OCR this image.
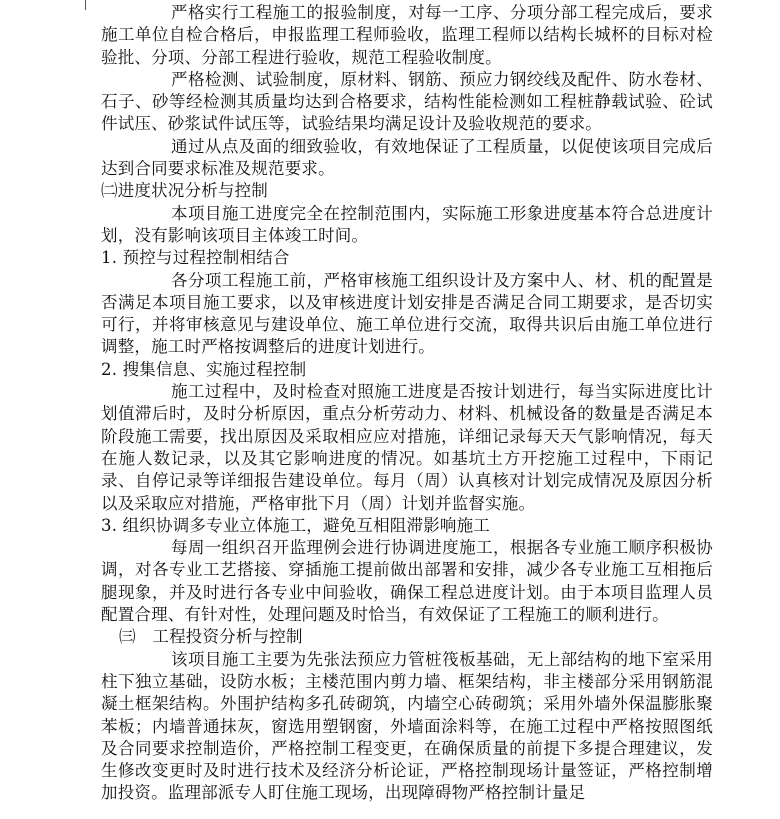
严格实行工程施工的报验制度，对每一工序、分项分部工程完成后，要求施工单位自检合格后，申报监理工程师验收，监理工程师以结构长城杯的目标对检验批、分项、分部工程进行验收，规范工程验收制度。

严格检测、试验制度，原材料、钢筋、预应力钢绞线及配件、防水卷材、石子、砂等经检测其质量均达到合格要求，结构性能检测如工程桩静载试验、砼试件试压、砂浆试件试压等，试验结果均满足设计及验收规范的要求。

通过从点及面的细致验收，有效地保证了工程质量，以促使该项目完成后达到合同要求标准及规范要求。

㈡进度状况分析与控制

本项目施工进度完全在控制范围内，实际施工形象进度基本符合总进度计划，没有影响该项目主体竣工时间。

1. 预控与过程控制相结合

各分项工程施工前，严格审核施工组织设计及方案中人、材、机的配置是否满足本项目施工要求，以及审核进度计划安排是否满足合同工期要求，是否切实可行，并将审核意见与建设单位、施工单位进行交流，取得共识后由施工单位进行调整，施工时严格按调整后的进度计划进行。

2. 搜集信息、实施过程控制

施工过程中，及时检查对照施工进度是否按计划进行，每当实际进度比计划值滞后时，及时分析原因，重点分析劳动力、材料、机械设备的数量是否满足本阶段施工需要，找出原因及采取相应应对措施，详细记录每天天气影响情况，每天在施人数记录，以及其它影响进度的情况。如基坑土方开挖施工过程中，下雨记录、自停记录等详细报告建设单位。每月（周）认真核对计划完成情况及原因分析以及采取应对措施，严格审批下月（周）计划并监督实施。

3. 组织协调多专业立体施工，避免互相阻滞影响施工

每周一组织召开监理例会进行协调进度施工，根据各专业施工顺序积极协调，对各专业工艺搭接、穿插施工提前做出部署和安排，减少各专业施工互相拖后腿现象，并及时进行各专业中间验收，确保工程总进度计划。由于本项目监理人员配置合理、有针对性，处理问题及时恰当，有效保证了工程施工的顺利进行。

㈢　工程投资分析与控制

该项目施工主要为先张法预应力管桩筏板基础，无上部结构的地下室采用柱下独立基础，设防水板；主楼范围内剪力墙、框架结构，非主楼部分采用钢筋混凝土框架结构。外围护结构多孔砖砌筑，内墙空心砖砌筑；采用外墙外保温膨胀聚苯板；内墙普通抹灰，窗选用塑钢窗，外墙面涂料等，在施工过程中严格按照图纸及合同要求控制造价，严格控制工程变更，在确保质量的前提下多提合理建议，发生修改变更时及时进行技术及经济分析论证，严格控制现场计量签证，严格控制增加投资。监理部派专人盯住施工现场，出现障碍物严格控制计量足
